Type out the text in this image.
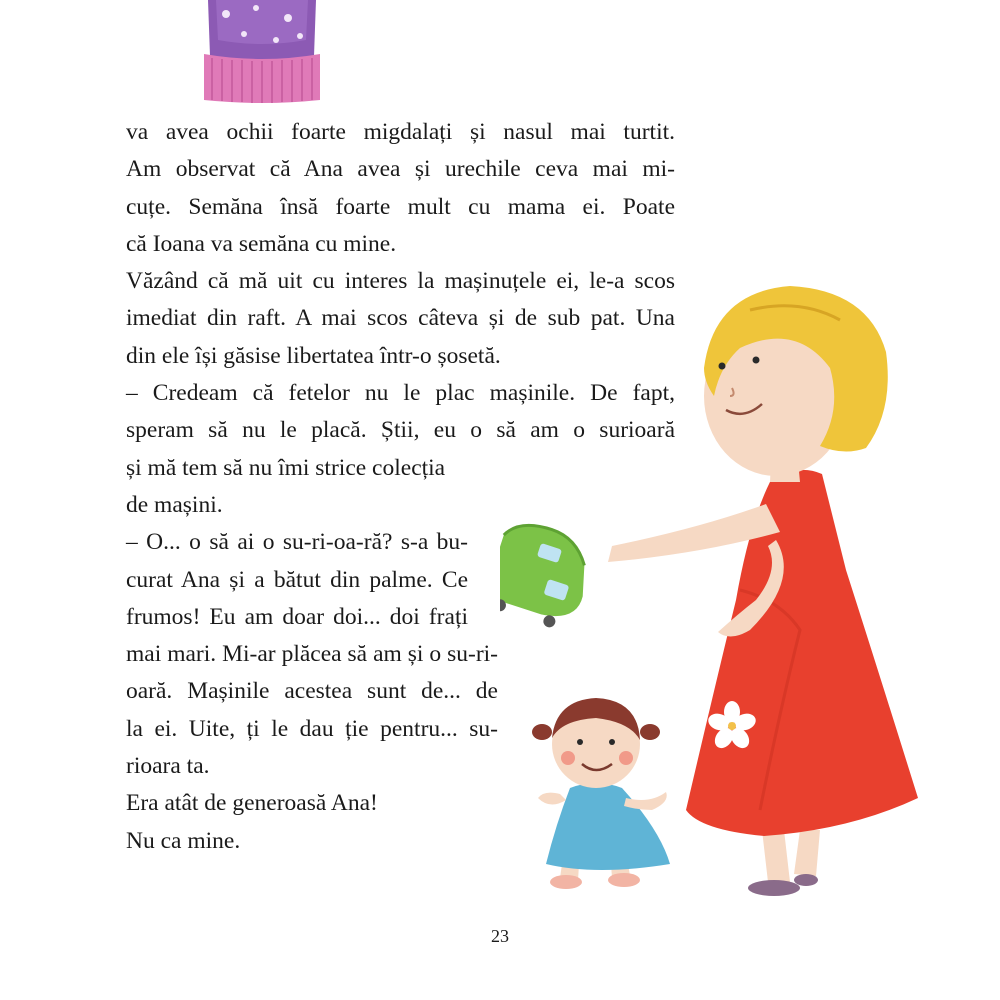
va avea ochii foarte migdalați și nasul mai turtit.
Am observat că Ana avea și urechile ceva mai mi-
cuțe. Semăna însă foarte mult cu mama ei. Poate
că Ioana va semăna cu mine.
Văzând că mă uit cu interes la mașinuțele ei, le-a scos
imediat din raft. A mai scos câteva și de sub pat. Una
din ele își găsise libertatea într-o șosetă.
– Credeam că fetelor nu le plac mașinile. De fapt,
speram să nu le placă. Știi, eu o să am o surioară
și mă tem să nu îmi strice colecția
de mașini.
– O... o să ai o su-ri-oa-ră? s-a bu-
curat Ana și a bătut din palme. Ce
frumos! Eu am doar doi... doi frați
mai mari. Mi-ar plăcea să am și o su-ri-
oară. Mașinile acestea sunt de... de
la ei. Uite, ți le dau ție pentru... su-
rioara ta.
Era atât de generoasă Ana!
Nu ca mine.
23
